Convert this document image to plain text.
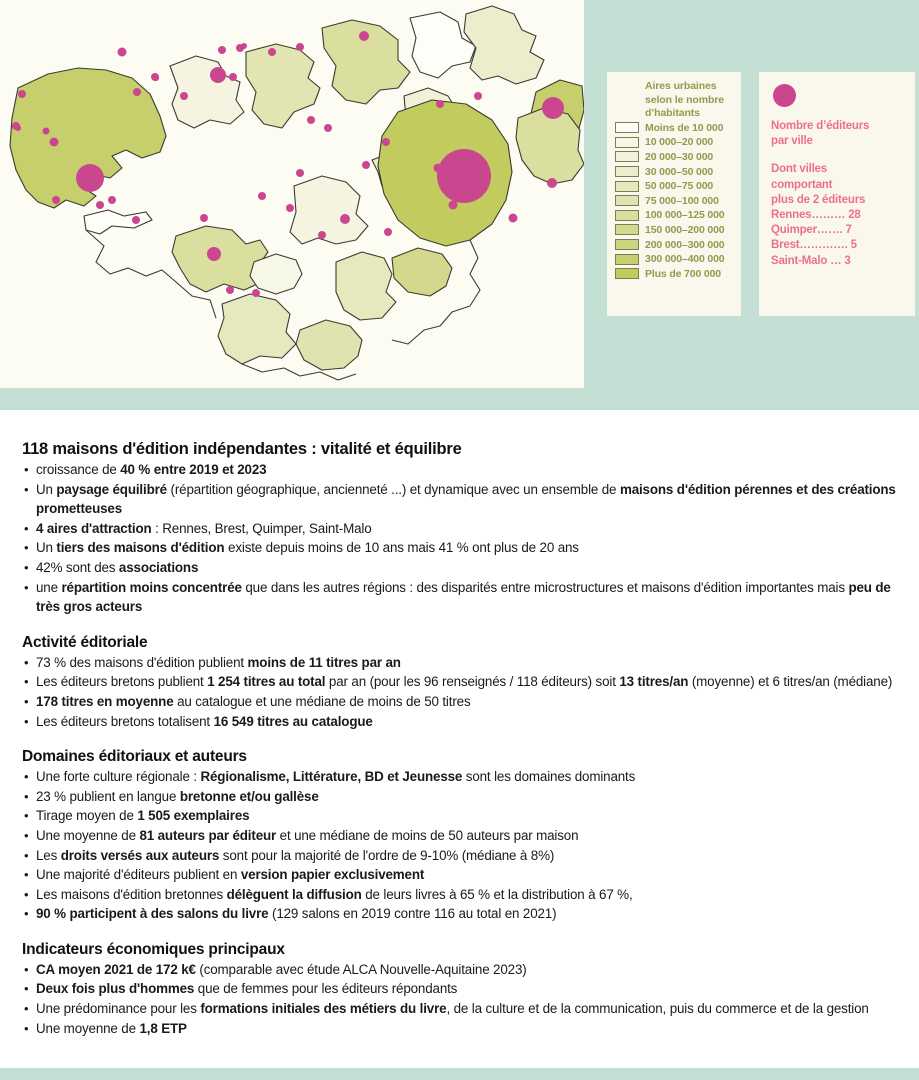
Aires urbaines
selon le nombre
d’habitants
Moins de 10 000
10 000–20 000
20 000–30 000
30 000–50 000
50 000–75 000
75 000–100 000
100 000–125 000
150 000–200 000
200 000–300 000
300 000–400 000
Plus de 700 000
Nombre d’éditeurs
par ville
Dont villes
comportant
plus de 2 éditeurs
Rennes……… 28
Quimper……. 7
Brest…………. 5
Saint-Malo … 3
118 maisons d'édition indépendantes : vitalité et équilibre
• croissance de 40 % entre 2019 et 2023
• Un paysage équilibré (répartition géographique, ancienneté ...) et dynamique avec un ensemble de maisons d'édition pérennes et des créations prometteuses
• 4 aires d'attraction : Rennes, Brest, Quimper, Saint-Malo
• Un tiers des maisons d'édition existe depuis moins de 10 ans mais 41 % ont plus de 20 ans
• 42% sont des associations
• une répartition moins concentrée que dans les autres régions : des disparités entre microstructures et maisons d'édition importantes mais peu de très gros acteurs
Activité éditoriale
• 73 % des maisons d'édition publient moins de 11 titres par an
• Les éditeurs bretons publient 1 254 titres au total par an (pour les 96 renseignés / 118 éditeurs) soit 13 titres/an (moyenne) et 6 titres/an (médiane)
• 178 titres en moyenne au catalogue et une médiane de moins de 50 titres
• Les éditeurs bretons totalisent 16 549 titres au catalogue
Domaines éditoriaux et auteurs
• Une forte culture régionale : Régionalisme, Littérature, BD et Jeunesse sont les domaines dominants
• 23 % publient en langue bretonne et/ou gallèse
• Tirage moyen de 1 505 exemplaires
• Une moyenne de 81 auteurs par éditeur et une médiane de moins de 50 auteurs par maison
• Les droits versés aux auteurs sont pour la majorité de l'ordre de 9-10% (médiane à 8%)
• Une majorité d'éditeurs publient en version papier exclusivement
• Les maisons d'édition bretonnes délèguent la diffusion de leurs livres à 65 % et la distribution à 67 %,
• 90 % participent à des salons du livre (129 salons en 2019 contre 116 au total en 2021)
Indicateurs économiques principaux
• CA moyen 2021 de 172 k€ (comparable avec étude ALCA Nouvelle-Aquitaine 2023)
• Deux fois plus d'hommes que de femmes pour les éditeurs répondants
• Une prédominance pour les formations initiales des métiers du livre, de la culture et de la communication, puis du commerce et de la gestion
• Une moyenne de 1,8 ETP
